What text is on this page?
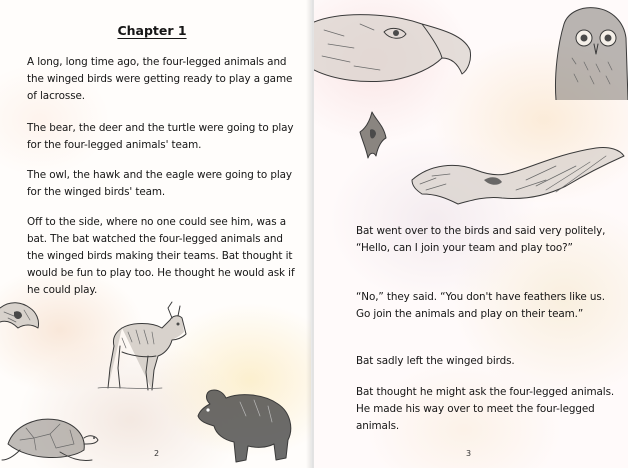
Chapter 1

A long, long time ago, the four-legged animals and the winged birds were getting ready to play a game of lacrosse.

The bear, the deer and the turtle were going to play for the four-legged animals' team.

The owl, the hawk and the eagle were going to play for the winged birds' team.

Off to the side, where no one could see him, was a bat. The bat watched the four-legged animals and the winged birds making their teams. Bat thought it would be fun to play too. He thought he would ask if he could play.

2

Bat went over to the birds and said very politely, “Hello, can I join your team and play too?”

“No,” they said. “You don't have feathers like us. Go join the animals and play on their team.”

Bat sadly left the winged birds.

Bat thought he might ask the four-legged animals. He made his way over to meet the four-legged animals.

3
